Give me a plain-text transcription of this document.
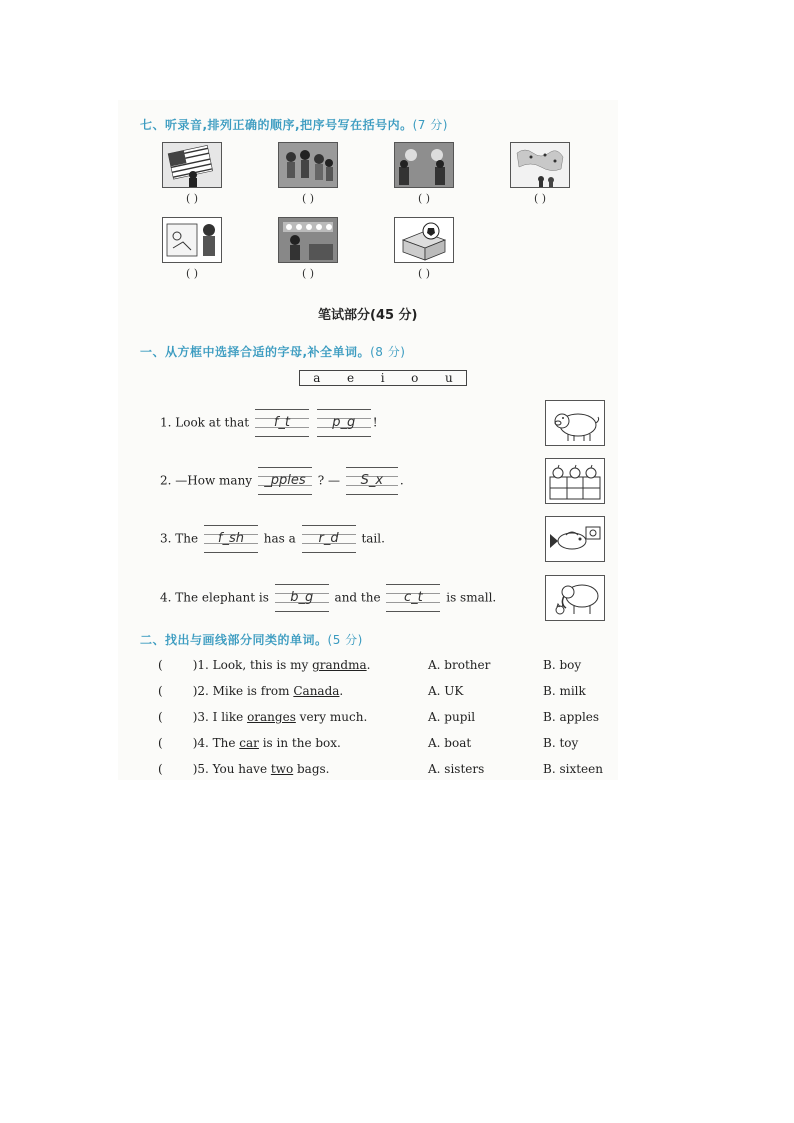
七、听录音,排列正确的顺序,把序号写在括号内。(7 分)
( )	( )	( )	( )
( )	( )	( )
笔试部分(45 分)
一、从方框中选择合适的字母,补全单词。(8 分)
a e i o u
1. Look at that f_t	p_g !
2. —How many _pples ? — S_x .
3. The f_sh has a r_d tail.
4. The elephant is b_g and the c_t is small.
二、找出与画线部分同类的单词。(5 分)
(	)1. Look, this is my grandma.	A. brother	B. boy
(	)2. Mike is from Canada.	A. UK	B. milk
(	)3. I like oranges very much.	A. pupil	B. apples
(	)4. The car is in the box.	A. boat	B. toy
(	)5. You have two bags.	A. sisters	B. sixteen
